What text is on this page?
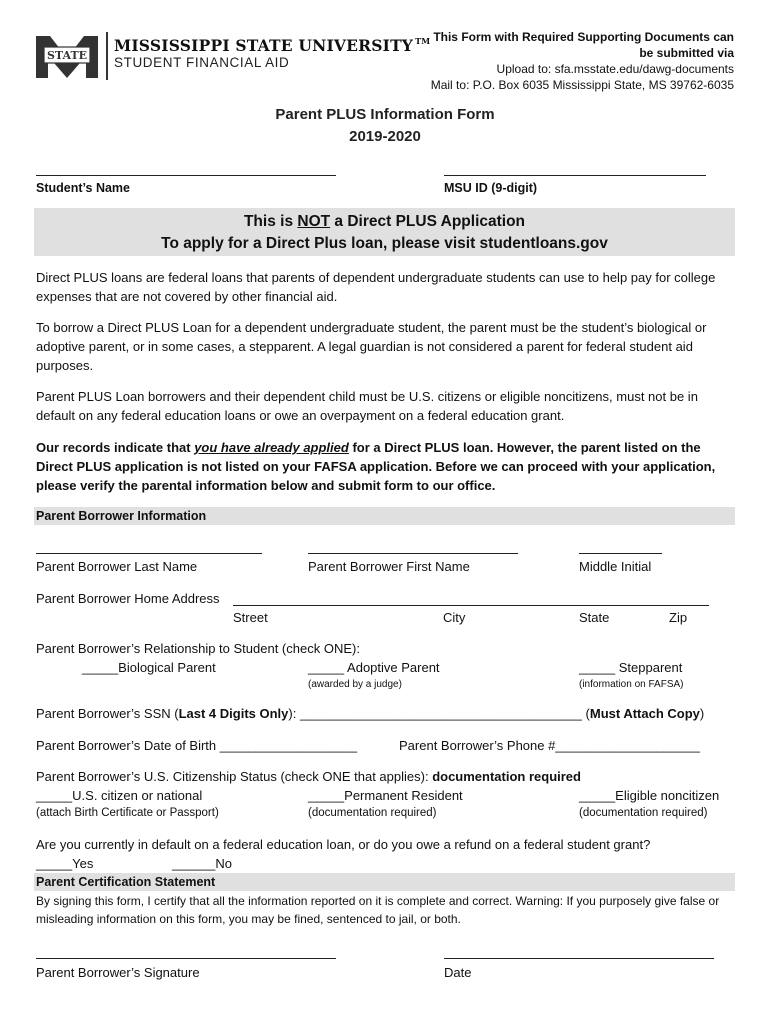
STATE
MISSISSIPPI STATE UNIVERSITY ™
STUDENT FINANCIAL AID
This Form with Required Supporting Documents can
be submitted via
Upload to: sfa.msstate.edu/dawg-documents
Mail to: P.O. Box 6035 Mississippi State, MS 39762-6035
Parent PLUS Information Form
2019-2020
Student’s Name	MSU ID (9-digit)
This is NOT a Direct PLUS Application
To apply for a Direct Plus loan, please visit studentloans.gov
Direct PLUS loans are federal loans that parents of dependent undergraduate students can use to help pay for college expenses that are not covered by other financial aid.
To borrow a Direct PLUS Loan for a dependent undergraduate student, the parent must be the student’s biological or adoptive parent, or in some cases, a stepparent. A legal guardian is not considered a parent for federal student aid purposes.
Parent PLUS Loan borrowers and their dependent child must be U.S. citizens or eligible noncitizens, must not be in default on any federal education loans or owe an overpayment on a federal education grant.
Our records indicate that you have already applied for a Direct PLUS loan. However, the parent listed on the Direct PLUS application is not listed on your FAFSA application. Before we can proceed with your application, please verify the parental information below and submit form to our office.
Parent Borrower Information
Parent Borrower Last Name	Parent Borrower First Name	Middle Initial
Parent Borrower Home Address
Street	City	State	Zip
Parent Borrower’s Relationship to Student (check ONE):
_____Biological Parent	_____ Adoptive Parent
(awarded by a judge)
_____ Stepparent
(information on FAFSA)
Parent Borrower’s SSN (Last 4 Digits Only): _______________________________________ (Must Attach Copy)
Parent Borrower’s Date of Birth ___________________	Parent Borrower’s Phone #____________________
Parent Borrower’s U.S. Citizenship Status (check ONE that applies): documentation required
_____U.S. citizen or national
(attach Birth Certificate or Passport)
_____Permanent Resident
(documentation required)
_____Eligible noncitizen
(documentation required)
Are you currently in default on a federal education loan, or do you owe a refund on a federal student grant?
_____Yes	______No
Parent Certification Statement
By signing this form, I certify that all the information reported on it is complete and correct. Warning: If you purposely give false or misleading information on this form, you may be fined, sentenced to jail, or both.
Parent Borrower’s Signature	Date
